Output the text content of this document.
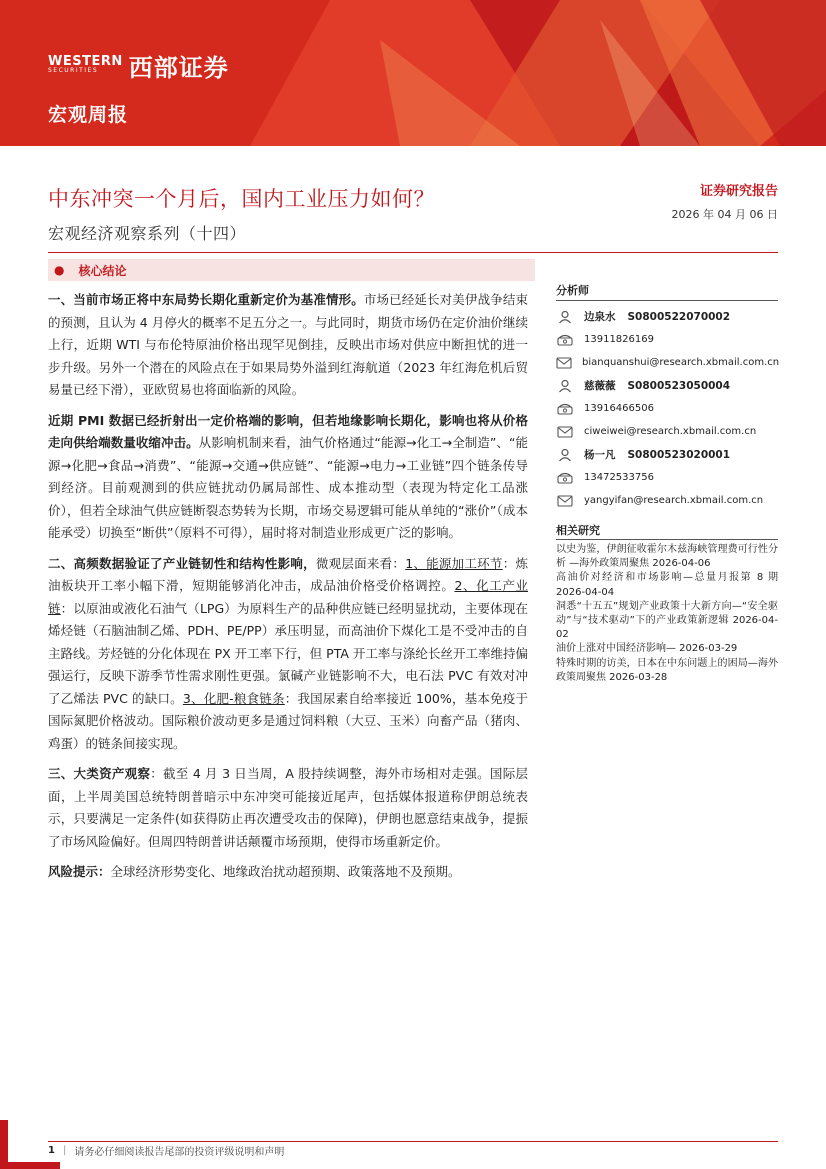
WESTERN
SECURITIES	西部证券
宏观周报
中东冲突一个月后，国内工业压力如何？
宏观经济观察系列（十四）
证券研究报告
2026 年 04 月 06 日
● 核心结论

一、当前市场正将中东局势长期化重新定价为基准情形。市场已经延长对美伊战争结束的预测，且认为 4 月停火的概率不足五分之一。与此同时，期货市场仍在定价油价继续上行，近期 WTI 与布伦特原油价格出现罕见倒挂，反映出市场对供应中断担忧的进一步升级。另外一个潜在的风险点在于如果局势外溢到红海航道（2023 年红海危机后贸易量已经下滑），亚欧贸易也将面临新的风险。

近期 PMI 数据已经折射出一定价格端的影响，但若地缘影响长期化，影响也将从价格走向供给端数量收缩冲击。从影响机制来看，油气价格通过“能源→化工→全制造”、“能源→化肥→食品→消费”、“能源→交通→供应链”、“能源→电力→工业链”四个链条传导到经济。目前观测到的供应链扰动仍属局部性、成本推动型（表现为特定化工品涨价），但若全球油气供应链断裂态势转为长期，市场交易逻辑可能从单纯的“涨价”（成本能承受）切换至“断供”（原料不可得），届时将对制造业形成更广泛的影响。

二、高频数据验证了产业链韧性和结构性影响，微观层面来看：1、能源加工环节：炼油板块开工率小幅下滑，短期能够消化冲击，成品油价格受价格调控。2、化工产业链：以原油或液化石油气（LPG）为原料生产的品种供应链已经明显扰动，主要体现在烯烃链（石脑油制乙烯、PDH、PE/PP）承压明显，而高油价下煤化工是不受冲击的自主路线。芳烃链的分化体现在 PX 开工率下行，但 PTA 开工率与涤纶长丝开工率维持偏强运行，反映下游季节性需求刚性更强。氯碱产业链影响不大，电石法 PVC 有效对冲了乙烯法 PVC 的缺口。3、化肥-粮食链条：我国尿素自给率接近 100%，基本免疫于国际氮肥价格波动。国际粮价波动更多是通过饲料粮（大豆、玉米）向畜产品（猪肉、鸡蛋）的链条间接实现。

三、大类资产观察：截至 4 月 3 日当周，A 股持续调整，海外市场相对走强。国际层面，上半周美国总统特朗普暗示中东冲突可能接近尾声，包括媒体报道称伊朗总统表示，只要满足一定条件(如获得防止再次遭受攻击的保障)，伊朗也愿意结束战争，提振了市场风险偏好。但周四特朗普讲话颠覆市场预期，使得市场重新定价。

风险提示：全球经济形势变化、地缘政治扰动超预期、政策落地不及预期。

分析师
边泉水 S0800522070002
13911826169
bianquanshui@research.xbmail.com.cn
慈薇薇 S0800523050004
13916466506
ciweiwei@research.xbmail.com.cn
杨一凡 S0800523020001
13472533756
yangyifan@research.xbmail.com.cn
相关研究
以史为鉴，伊朗征收霍尔木兹海峡管理费可行性分析 —海外政策周聚焦 2026-04-06
高油价对经济和市场影响—总量月报第 8 期 2026-04-04
洞悉“十五五”规划产业政策十大新方向—“安全驱动”与“技术驱动”下的产业政策新逻辑 2026-04-02
油价上涨对中国经济影响— 2026-03-29
特殊时期的访美，日本在中东问题上的困局—海外政策周聚焦 2026-03-28
1 | 请务必仔细阅读报告尾部的投资评级说明和声明
